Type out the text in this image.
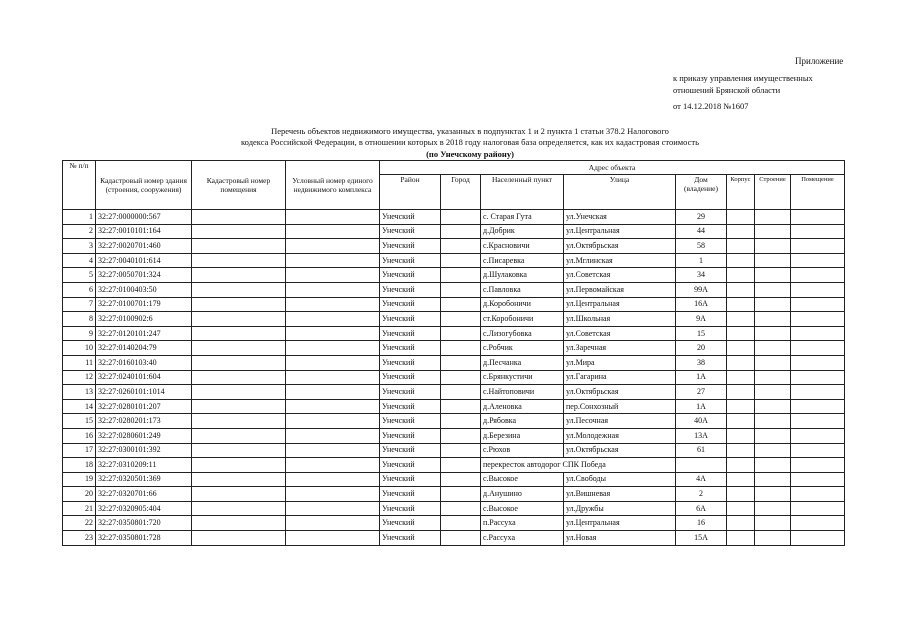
Приложение
к приказу управления имущественных
отношений Брянской области
от 14.12.2018 №1607
Перечень объектов недвижимого имущества, указанных в подпунктах 1 и 2 пункта 1 статьи 378.2 Налогового
кодекса Российской Федерации, в отношении которых в 2018 году налоговая база определяется, как их кадастровая стоимость
(по Унечскому району)
№ п/п	Кадастровый номер здания (строения, сооружения)	Кадастровый номер помещения	Условный номер единого недвижимого комплекса	Адрес объекта							
				Район	Город	Населенный пункт	Улица	Дом (владение)	Корпус	Строение	Помещение
1	32:27:0000000:567			Унечский		с. Старая Гута	ул.Унечская	29			
2	32:27:0010101:164			Унечский		д.Добрик	ул.Центральная	44			
3	32:27:0020701:460			Унечский		с.Красновичи	ул.Октябрьская	58			
4	32:27:0040101:614			Унечский		с.Писаревка	ул.Мглинская	1			
5	32:27:0050701:324			Унечский		д.Шулаковка	ул.Советская	34			
6	32:27:0100403:50			Унечский		с.Павловка	ул.Первомайская	99А			
7	32:27:0100701:179			Унечский		д.Коробоничи	ул.Центральная	16А			
8	32:27:0100902:6			Унечский		ст.Коробоничи	ул.Школьная	9А			
9	32:27:0120101:247			Унечский		с.Лизогубовка	ул.Советская	15			
10	32:27:0140204:79			Унечский		с.Робчик	ул.Заречная	20			
11	32:27:0160103:40			Унечский		д.Песчанка	ул.Мира	38			
12	32:27:0240101:604			Унечский		с.Брянкустичи	ул.Гагарина	1А			
13	32:27:0260101:1014			Унечский		с.Найтоповичи	ул.Октябрьская	27			
14	32:27:0280101:207			Унечский		д.Аленовка	пер.Сонхозный	1А			
15	32:27:0280201:173			Унечский		д.Рябовка	ул.Песочная	40А			
16	32:27:0280601:249			Унечский		д.Березина	ул.Молодежная	13А			
17	32:27:0300101:392			Унечский		с.Рюхов	ул.Октябрьская	61			
18	32:27:0310209:11			Унечский		перекресток автодорог СПК Победа					
19	32:27:0320501:369			Унечский		с.Высокое	ул.Свободы	4А			
20	32:27:0320701:66			Унечский		д.Анушино	ул.Вишневая	2			
21	32:27:0320905:404			Унечский		с.Высокое	ул.Дружбы	6А			
22	32:27:0350801:720			Унечский		п.Рассуха	ул.Центральная	16			
23	32:27:0350801:728			Унечский		с.Рассуха	ул.Новая	15А			
